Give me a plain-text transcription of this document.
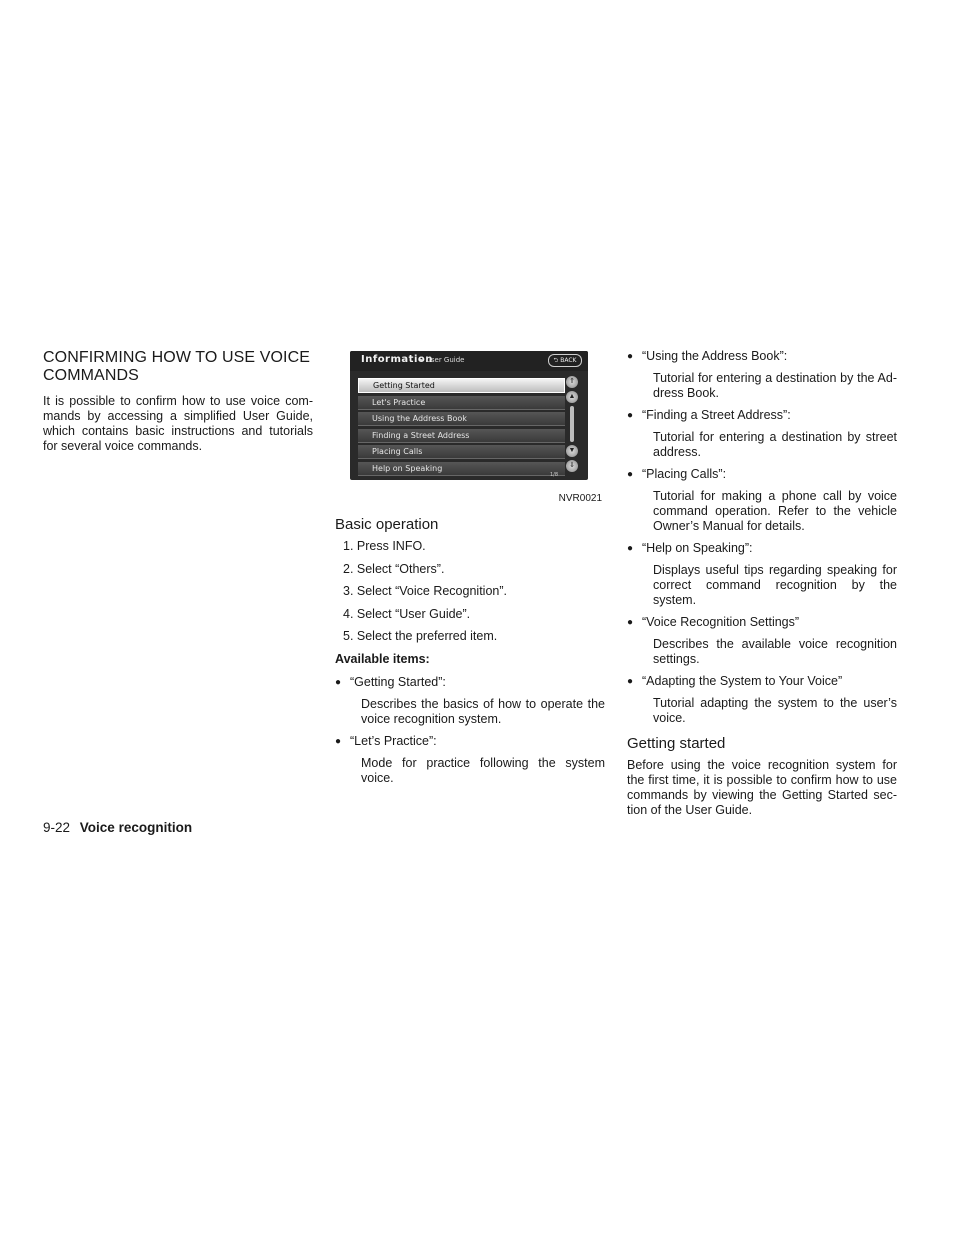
CONFIRMING HOW TO USE VOICE COMMANDS

It is possible to confirm how to use voice com-mands by accessing a simplified User Guide, which contains basic instructions and tutorials for several voice commands.

Information
▸ User Guide	⮌ BACK
Getting Started
Let's Practice
Using the Address Book
Finding a Street Address
Placing Calls
Help on Speaking
⇑
▲
▼
⇓
1/8
NVR0021
Basic operation
1. Press INFO.
2. Select “Others”.
3. Select “Voice Recognition”.
4. Select “User Guide”.
5. Select the preferred item.
Available items:
● “Getting Started”:
Describes the basics of how to operate the voice recognition system.
● “Let’s Practice”:
Mode for practice following the system voice.
● “Using the Address Book”:
Tutorial for entering a destination by the Ad-dress Book.
● “Finding a Street Address”:
Tutorial for entering a destination by street address.
● “Placing Calls”:
Tutorial for making a phone call by voice command operation. Refer to the vehicle Owner’s Manual for details.
● “Help on Speaking”:
Displays useful tips regarding speaking for correct command recognition by the system.
● “Voice Recognition Settings”
Describes the available voice recognition settings.
● “Adapting the System to Your Voice”
Tutorial adapting the system to the user’s voice.
Getting started

Before using the voice recognition system for the first time, it is possible to confirm how to use commands by viewing the Getting Started sec-tion of the User Guide.

9-22 Voice recognition
